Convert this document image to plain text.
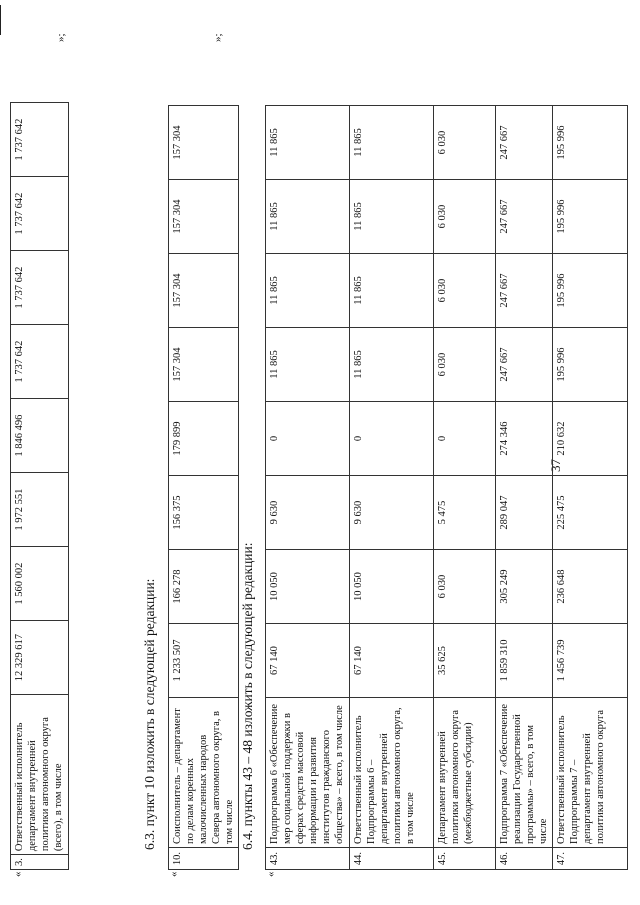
37
«
3.	Ответственный исполнитель департамент внутренней политики автономного округа (всего), в том числе	12 329 617	1 560 002	1 972 551	1 846 496	1 737 642	1 737 642	1 737 642	1 737 642
»;
6.3. пункт 10 изложить в следующей редакции:
«
10.	Соисполнитель – департамент по делам коренных малочисленных народов Севера автономного округа, в том числе	1 233 507	166 278	156 375	179 899	157 304	157 304	157 304	157 304
»;
6.4. пункты 43 – 48 изложить в следующей редакции:
«
43.	Подпрограмма 6 «Обеспечение мер социальной поддержки в сферах средств массовой информации и развития институтов гражданского общества» – всего, в том числе	67 140	10 050	9 630	0	11 865	11 865	11 865	11 865
44.	Ответственный исполнитель Подпрограммы 6 – департамент внутренней политики автономного округа, в том числе	67 140	10 050	9 630	0	11 865	11 865	11 865	11 865
45.	Департамент внутренней политики автономного округа (межбюджетные субсидии)	35 625	6 030	5 475	0	6 030	6 030	6 030	6 030
46.	Подпрограмма 7 «Обеспечение реализации Государственной программы» – всего, в том числе	1 859 310	305 249	289 047	274 346	247 667	247 667	247 667	247 667
47.	Ответственный исполнитель Подпрограммы 7 – департамент внутренней политики автономного округа	1 456 739	236 648	225 475	210 632	195 996	195 996	195 996	195 996
